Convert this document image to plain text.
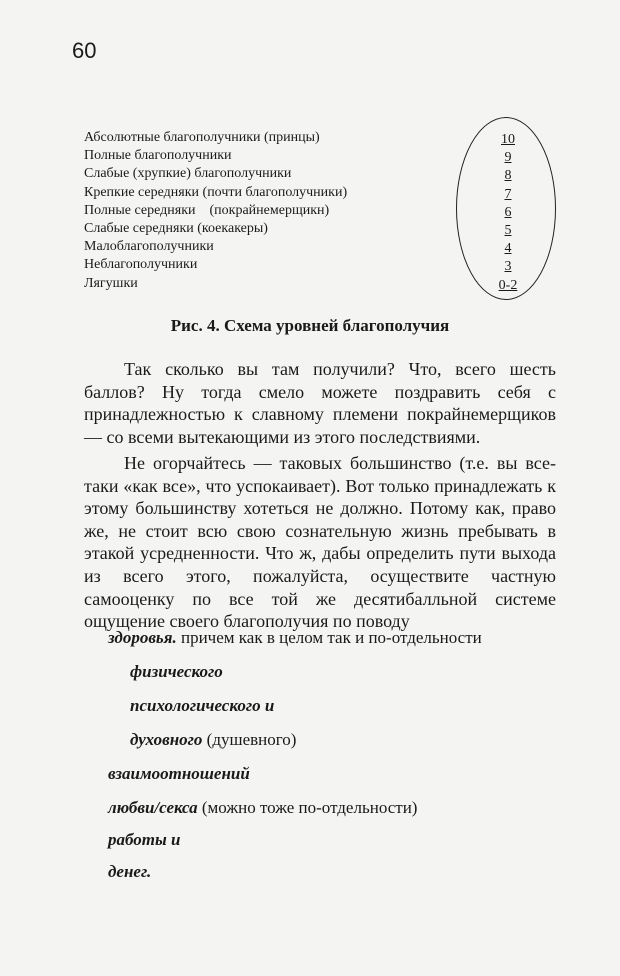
60
Абсолютные благополучники (принцы)
Полные благополучники
Слабые (хрупкие) благополучники
Крепкие середняки (почти благополучники)
Полные середняки    (покрайнемерщикн)
Слабые середняки (коекакеры)
Малоблагополучники
Неблагополучники
Лягушки
10
9
8
7
6
5
4
3
0-2
Рис. 4. Схема уровней благополучия

Так сколько вы там получили? Что, всего шесть баллов? Ну тогда смело можете поздравить себя с принадлежностью к славному племени покрайнемерщиков — со всеми вытекающими из этого последствиями.

Не огорчайтесь — таковых большинство (т.е. вы все-таки «как все», что успокаивает). Вот только принадлежать к этому большинству хотеться не должно. Потому как, право же, не стоит всю свою сознательную жизнь пребывать в этакой усредненности. Что ж, дабы определить пути выхода из всего этого, пожалуйста, осуществите частную самооценку по все той же десятибалльной системе ощущение своего благополучия по поводу

здоровья. причем как в целом так и по-отдельности
физического
психологического и
духовного (душевного)
взаимоотношений
любви/секса (можно тоже по-отдельности)
работы и
денег.
